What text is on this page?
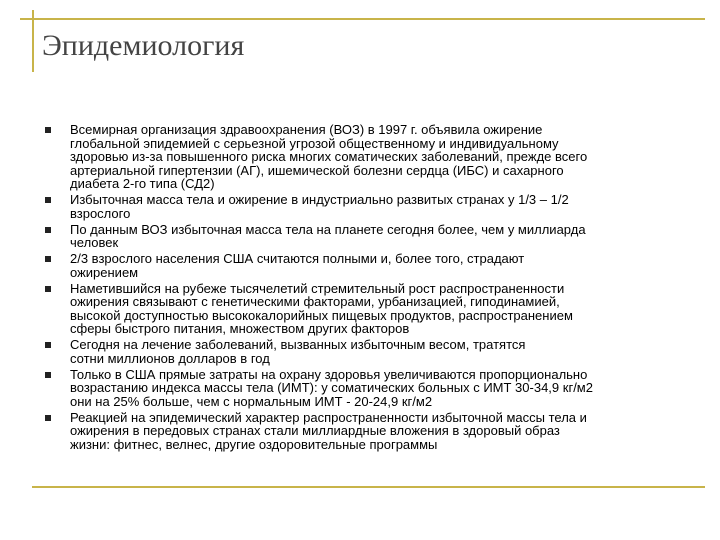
Эпидемиология
Всемирная организация здравоохранения (ВОЗ) в 1997 г. объявила ожирение
глобальной эпидемией с серьезной угрозой общественному и индивидуальному
здоровью из-за повышенного риска многих соматических заболеваний, прежде всего
артериальной гипертензии (АГ), ишемической болезни сердца (ИБС) и сахарного
диабета 2-го типа (СД2)
Избыточная масса тела и ожирение в индустриально развитых странах у 1/3 – 1/2
взрослого
По данным ВОЗ избыточная масса тела на планете сегодня более, чем у миллиарда
человек
2/3 взрослого населения США считаются полными и, более того, страдают
ожирением
Наметившийся на рубеже тысячелетий стремительный рост распространенности
ожирения связывают с генетическими факторами, урбанизацией, гиподинамией,
высокой доступностью высококалорийных пищевых продуктов, распространением
сферы быстрого питания, множеством других факторов
Сегодня на лечение заболеваний, вызванных избыточным весом, тратятся
сотни миллионов долларов в год
Только в США прямые затраты на охрану здоровья увеличиваются пропорционально
возрастанию индекса массы тела (ИМТ): у соматических больных с ИМТ 30-34,9 кг/м2
они на 25% больше, чем с нормальным ИМТ - 20-24,9 кг/м2
Реакцией на эпидемический характер распространенности избыточной массы тела и
ожирения в передовых странах стали миллиардные вложения в здоровый образ
жизни: фитнес, велнес, другие оздоровительные программы
